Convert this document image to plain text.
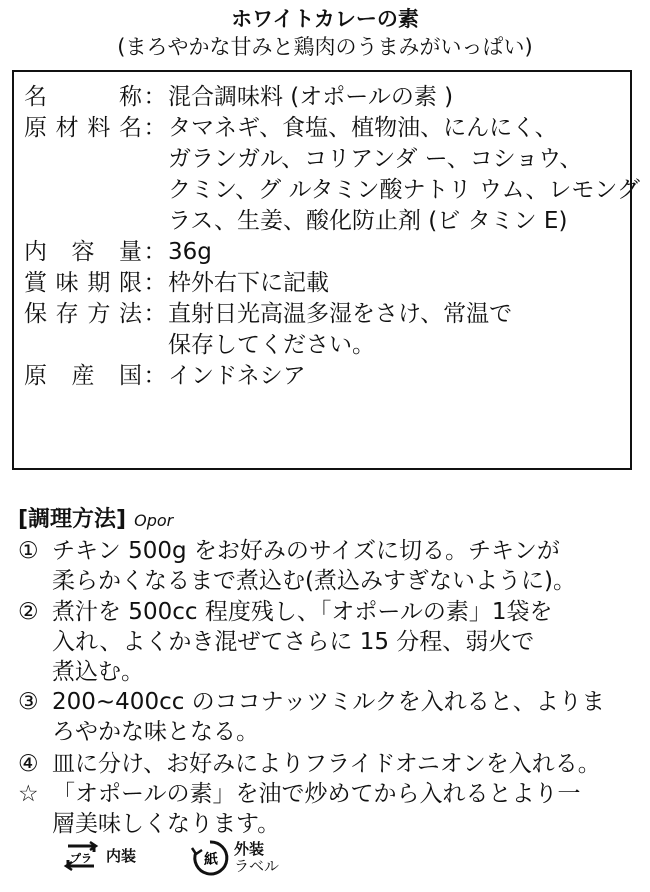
ホワイトカレーの素
(まろやかな甘みと鶏肉のうまみがいっぱい)
名 称：混合調味料 (オポールの素 )
原材料名：タマネギ、食塩、植物油、にんにく、
ガランガル、コリアンダ ー、コショウ、
クミン、グ ルタミン酸ナトリ ウム、レモング
ラス、生姜、酸化防止剤 (ビ タミン E)
内容量：36g
賞味期限：枠外右下に記載
保存方法：直射日光高温多湿をさけ、常温で
保存してください。
原産国：インドネシア
[調理方法] Opor
① チキン 500g をお好みのサイズに切る。チキンが
柔らかくなるまで煮込む(煮込みすぎないように)。
② 煮汁を 500cc 程度残し、「オポールの素」1袋を
入れ、よくかき混ぜてさらに 15 分程、弱火で
煮込む。
③ 200~400cc のココナッツミルクを入れると、よりま
ろやかな味となる。
④ 皿に分け、お好みによりフライドオニオンを入れる。
☆ 「オポールの素」を油で炒めてから入れるとより一
層美味しくなります。
プラ 内装	紙
外装
ラベル
